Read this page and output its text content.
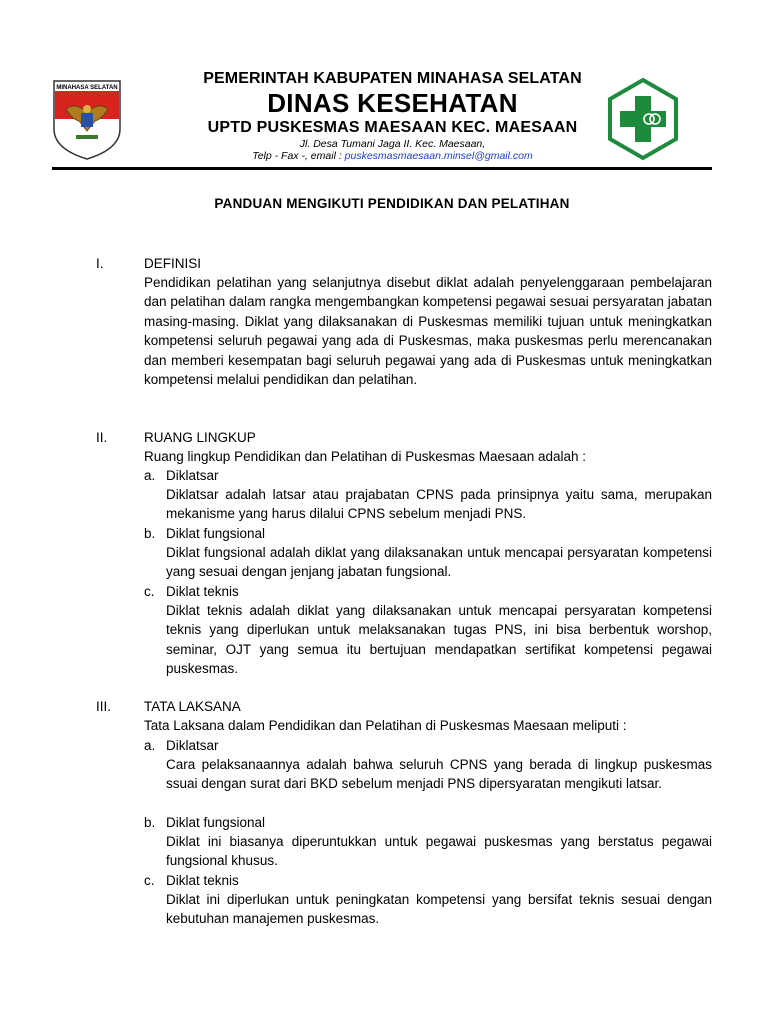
MINAHASA SELATAN
PEMERINTAH KABUPATEN MINAHASA SELATAN
DINAS KESEHATAN
UPTD PUSKESMAS MAESAAN KEC. MAESAAN
Jl. Desa Tumani Jaga II. Kec. Maesaan,
Telp - Fax -, email : puskesmasmaesaan.minsel@gmail.com
PANDUAN MENGIKUTI PENDIDIKAN DAN PELATIHAN
I.	DEFINISI
Pendidikan pelatihan yang selanjutnya disebut diklat adalah penyelenggaraan pembelajaran dan pelatihan dalam rangka mengembangkan kompetensi pegawai sesuai persyaratan jabatan masing-masing. Diklat yang dilaksanakan di Puskesmas memiliki tujuan untuk meningkatkan kompetensi seluruh pegawai yang ada di Puskesmas, maka puskesmas perlu merencanakan dan memberi kesempatan bagi seluruh pegawai yang ada di Puskesmas untuk meningkatkan kompetensi melalui pendidikan dan pelatihan.
II.	RUANG LINGKUP
Ruang lingkup Pendidikan dan Pelatihan di Puskesmas Maesaan adalah :
a. Diklatsar
Diklatsar adalah latsar atau prajabatan CPNS pada prinsipnya yaitu sama, merupakan mekanisme yang harus dilalui CPNS sebelum menjadi PNS.
b. Diklat fungsional
Diklat fungsional adalah diklat yang dilaksanakan untuk mencapai persyaratan kompetensi yang sesuai dengan jenjang jabatan fungsional.
c. Diklat teknis
Diklat teknis adalah diklat yang dilaksanakan untuk mencapai persyaratan kompetensi teknis yang diperlukan untuk melaksanakan tugas PNS, ini bisa berbentuk worshop, seminar, OJT yang semua itu bertujuan mendapatkan sertifikat kompetensi pegawai puskesmas.
III. TATA LAKSANA
Tata Laksana dalam Pendidikan dan Pelatihan di Puskesmas Maesaan meliputi :
a. Diklatsar
Cara pelaksanaannya adalah bahwa seluruh CPNS yang berada di lingkup puskesmas ssuai dengan surat dari BKD sebelum menjadi PNS dipersyaratan mengikuti latsar.
b. Diklat fungsional
Diklat ini biasanya diperuntukkan untuk pegawai puskesmas yang berstatus pegawai fungsional khusus.
c. Diklat teknis
Diklat ini diperlukan untuk peningkatan kompetensi yang bersifat teknis sesuai dengan kebutuhan manajemen puskesmas.
